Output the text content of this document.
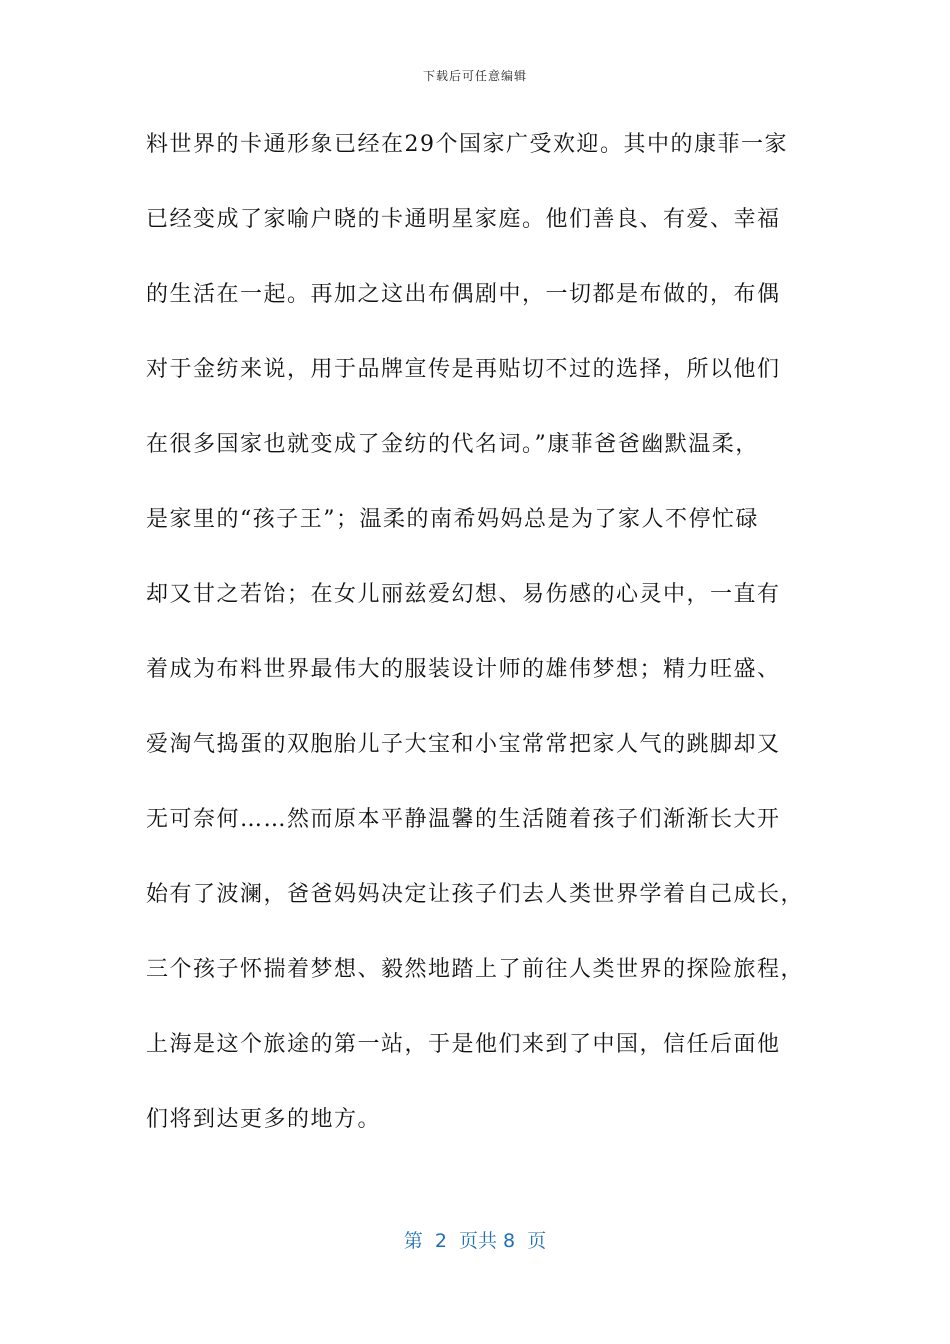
下载后可任意编辑
料世界的卡通形象已经在29个国家广受欢迎。其中的康菲一家
已经变成了家喻户晓的卡通明星家庭。他们善良、有爱、幸福
的生活在一起。再加之这出布偶剧中，一切都是布做的，布偶
对于金纺来说，用于品牌宣传是再贴切不过的选择，所以他们
在很多国家也就变成了金纺的代名词。”康菲爸爸幽默温柔，
是家里的“孩子王”；温柔的南希妈妈总是为了家人不停忙碌
却又甘之若饴；在女儿丽兹爱幻想、易伤感的心灵中，一直有
着成为布料世界最伟大的服装设计师的雄伟梦想；精力旺盛、
爱淘气捣蛋的双胞胎儿子大宝和小宝常常把家人气的跳脚却又
无可奈何……然而原本平静温馨的生活随着孩子们渐渐长大开
始有了波澜，爸爸妈妈决定让孩子们去人类世界学着自己成长，
三个孩子怀揣着梦想、毅然地踏上了前往人类世界的探险旅程，
上海是这个旅途的第一站，于是他们来到了中国，信任后面他
们将到达更多的地方。
第  2  页共 8  页
